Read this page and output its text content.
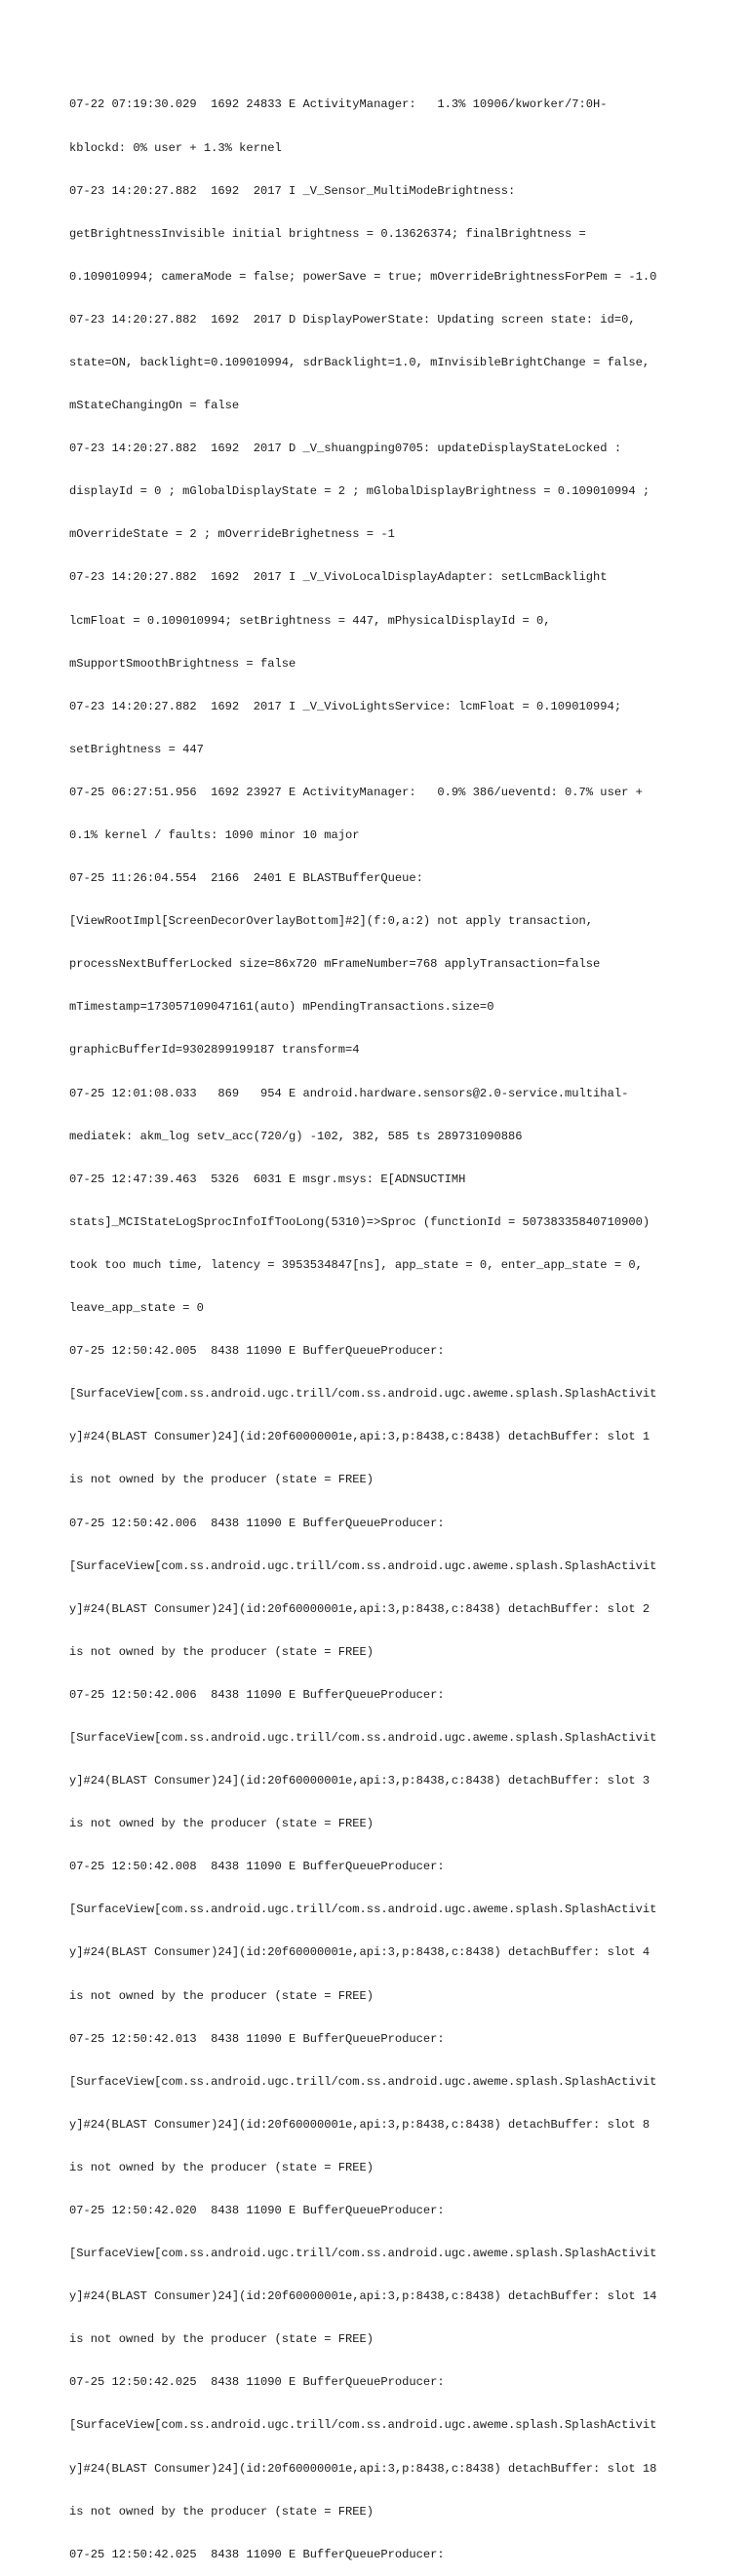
07-22 07:19:30.029  1692 24833 E ActivityManager:   1.3% 10906/kworker/7:0H-

kblockd: 0% user + 1.3% kernel

07-23 14:20:27.882  1692  2017 I _V_Sensor_MultiModeBrightness:

getBrightnessInvisible initial brightness = 0.13626374; finalBrightness =

0.109010994; cameraMode = false; powerSave = true; mOverrideBrightnessForPem = -1.0

07-23 14:20:27.882  1692  2017 D DisplayPowerState: Updating screen state: id=0,

state=ON, backlight=0.109010994, sdrBacklight=1.0, mInvisibleBrightChange = false,

mStateChangingOn = false

07-23 14:20:27.882  1692  2017 D _V_shuangping0705: updateDisplayStateLocked :

displayId = 0 ; mGlobalDisplayState = 2 ; mGlobalDisplayBrightness = 0.109010994 ;

mOverrideState = 2 ; mOverrideBrighetness = -1

07-23 14:20:27.882  1692  2017 I _V_VivoLocalDisplayAdapter: setLcmBacklight

lcmFloat = 0.109010994; setBrightness = 447, mPhysicalDisplayId = 0,

mSupportSmoothBrightness = false

07-23 14:20:27.882  1692  2017 I _V_VivoLightsService: lcmFloat = 0.109010994;

setBrightness = 447

07-25 06:27:51.956  1692 23927 E ActivityManager:   0.9% 386/ueventd: 0.7% user +

0.1% kernel / faults: 1090 minor 10 major

07-25 11:26:04.554  2166  2401 E BLASTBufferQueue:

[ViewRootImpl[ScreenDecorOverlayBottom]#2](f:0,a:2) not apply transaction,

processNextBufferLocked size=86x720 mFrameNumber=768 applyTransaction=false

mTimestamp=173057109047161(auto) mPendingTransactions.size=0

graphicBufferId=9302899199187 transform=4

07-25 12:01:08.033   869   954 E android.hardware.sensors@2.0-service.multihal-

mediatek: akm_log setv_acc(720/g) -102, 382, 585 ts 289731090886

07-25 12:47:39.463  5326  6031 E msgr.msys: E[ADNSUCTIMH

stats]_MCIStateLogSprocInfoIfTooLong(5310)=>Sproc (functionId = 50738335840710900)

took too much time, latency = 3953534847[ns], app_state = 0, enter_app_state = 0,

leave_app_state = 0

07-25 12:50:42.005  8438 11090 E BufferQueueProducer:

[SurfaceView[com.ss.android.ugc.trill/com.ss.android.ugc.aweme.splash.SplashActivit

y]#24(BLAST Consumer)24](id:20f60000001e,api:3,p:8438,c:8438) detachBuffer: slot 1

is not owned by the producer (state = FREE)

07-25 12:50:42.006  8438 11090 E BufferQueueProducer:

[SurfaceView[com.ss.android.ugc.trill/com.ss.android.ugc.aweme.splash.SplashActivit

y]#24(BLAST Consumer)24](id:20f60000001e,api:3,p:8438,c:8438) detachBuffer: slot 2

is not owned by the producer (state = FREE)

07-25 12:50:42.006  8438 11090 E BufferQueueProducer:

[SurfaceView[com.ss.android.ugc.trill/com.ss.android.ugc.aweme.splash.SplashActivit

y]#24(BLAST Consumer)24](id:20f60000001e,api:3,p:8438,c:8438) detachBuffer: slot 3

is not owned by the producer (state = FREE)

07-25 12:50:42.008  8438 11090 E BufferQueueProducer:

[SurfaceView[com.ss.android.ugc.trill/com.ss.android.ugc.aweme.splash.SplashActivit

y]#24(BLAST Consumer)24](id:20f60000001e,api:3,p:8438,c:8438) detachBuffer: slot 4

is not owned by the producer (state = FREE)

07-25 12:50:42.013  8438 11090 E BufferQueueProducer:

[SurfaceView[com.ss.android.ugc.trill/com.ss.android.ugc.aweme.splash.SplashActivit

y]#24(BLAST Consumer)24](id:20f60000001e,api:3,p:8438,c:8438) detachBuffer: slot 8

is not owned by the producer (state = FREE)

07-25 12:50:42.020  8438 11090 E BufferQueueProducer:

[SurfaceView[com.ss.android.ugc.trill/com.ss.android.ugc.aweme.splash.SplashActivit

y]#24(BLAST Consumer)24](id:20f60000001e,api:3,p:8438,c:8438) detachBuffer: slot 14

is not owned by the producer (state = FREE)

07-25 12:50:42.025  8438 11090 E BufferQueueProducer:

[SurfaceView[com.ss.android.ugc.trill/com.ss.android.ugc.aweme.splash.SplashActivit

y]#24(BLAST Consumer)24](id:20f60000001e,api:3,p:8438,c:8438) detachBuffer: slot 18

is not owned by the producer (state = FREE)

07-25 12:50:42.025  8438 11090 E BufferQueueProducer:
